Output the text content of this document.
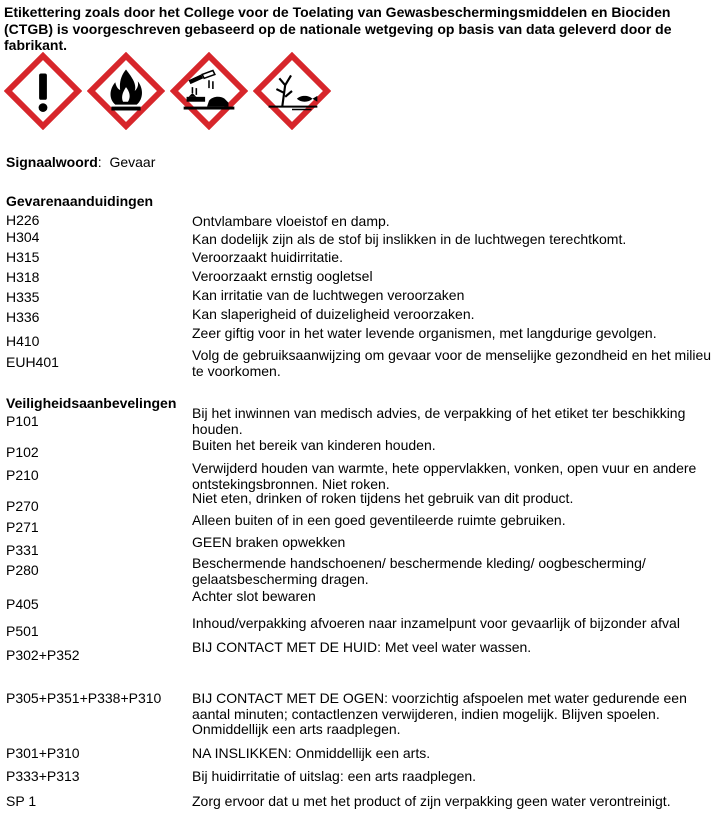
Etikettering zoals door het College voor de Toelating van Gewasbeschermingsmiddelen en Biociden (CTGB) is voorgeschreven gebaseerd op de nationale wetgeving op basis van data geleverd door de fabrikant.
Signaalwoord:  Gevaar
Gevarenaanduidingen
H226	Ontvlambare vloeistof en damp.
H304	Kan dodelijk zijn als de stof bij inslikken in de luchtwegen terechtkomt.
H315	Veroorzaakt huidirritatie.
H318	Veroorzaakt ernstig oogletsel
H335	Kan irritatie van de luchtwegen veroorzaken
H336	Kan slaperigheid of duizeligheid veroorzaken.
H410	Zeer giftig voor in het water levende organismen, met langdurige gevolgen.
EUH401	Volg de gebruiksaanwijzing om gevaar voor de menselijke gezondheid en het milieu te voorkomen.
Veiligheidsaanbevelingen
P101	Bij het inwinnen van medisch advies, de verpakking of het etiket ter beschikking houden.
P102	Buiten het bereik van kinderen houden.
P210	Verwijderd houden van warmte, hete oppervlakken, vonken, open vuur en andere ontstekingsbronnen. Niet roken.
P270	Niet eten, drinken of roken tijdens het gebruik van dit product.
P271	Alleen buiten of in een goed geventileerde ruimte gebruiken.
P331	GEEN braken opwekken
P280	Beschermende handschoenen/ beschermende kleding/ oogbescherming/ gelaatsbescherming dragen.
P405	Achter slot bewaren
P501	Inhoud/verpakking afvoeren naar inzamelpunt voor gevaarlijk of bijzonder afval
P302+P352	BIJ CONTACT MET DE HUID: Met veel water wassen.
P305+P351+P338+P310 BIJ CONTACT MET DE OGEN: voorzichtig afspoelen met water gedurende een aantal minuten; contactlenzen verwijderen, indien mogelijk. Blijven spoelen. Onmiddellijk een arts raadplegen.
P301+P310	NA INSLIKKEN: Onmiddellijk een arts.
P333+P313	Bij huidirritatie of uitslag: een arts raadplegen.
SP 1	Zorg ervoor dat u met het product of zijn verpakking geen water verontreinigt.
